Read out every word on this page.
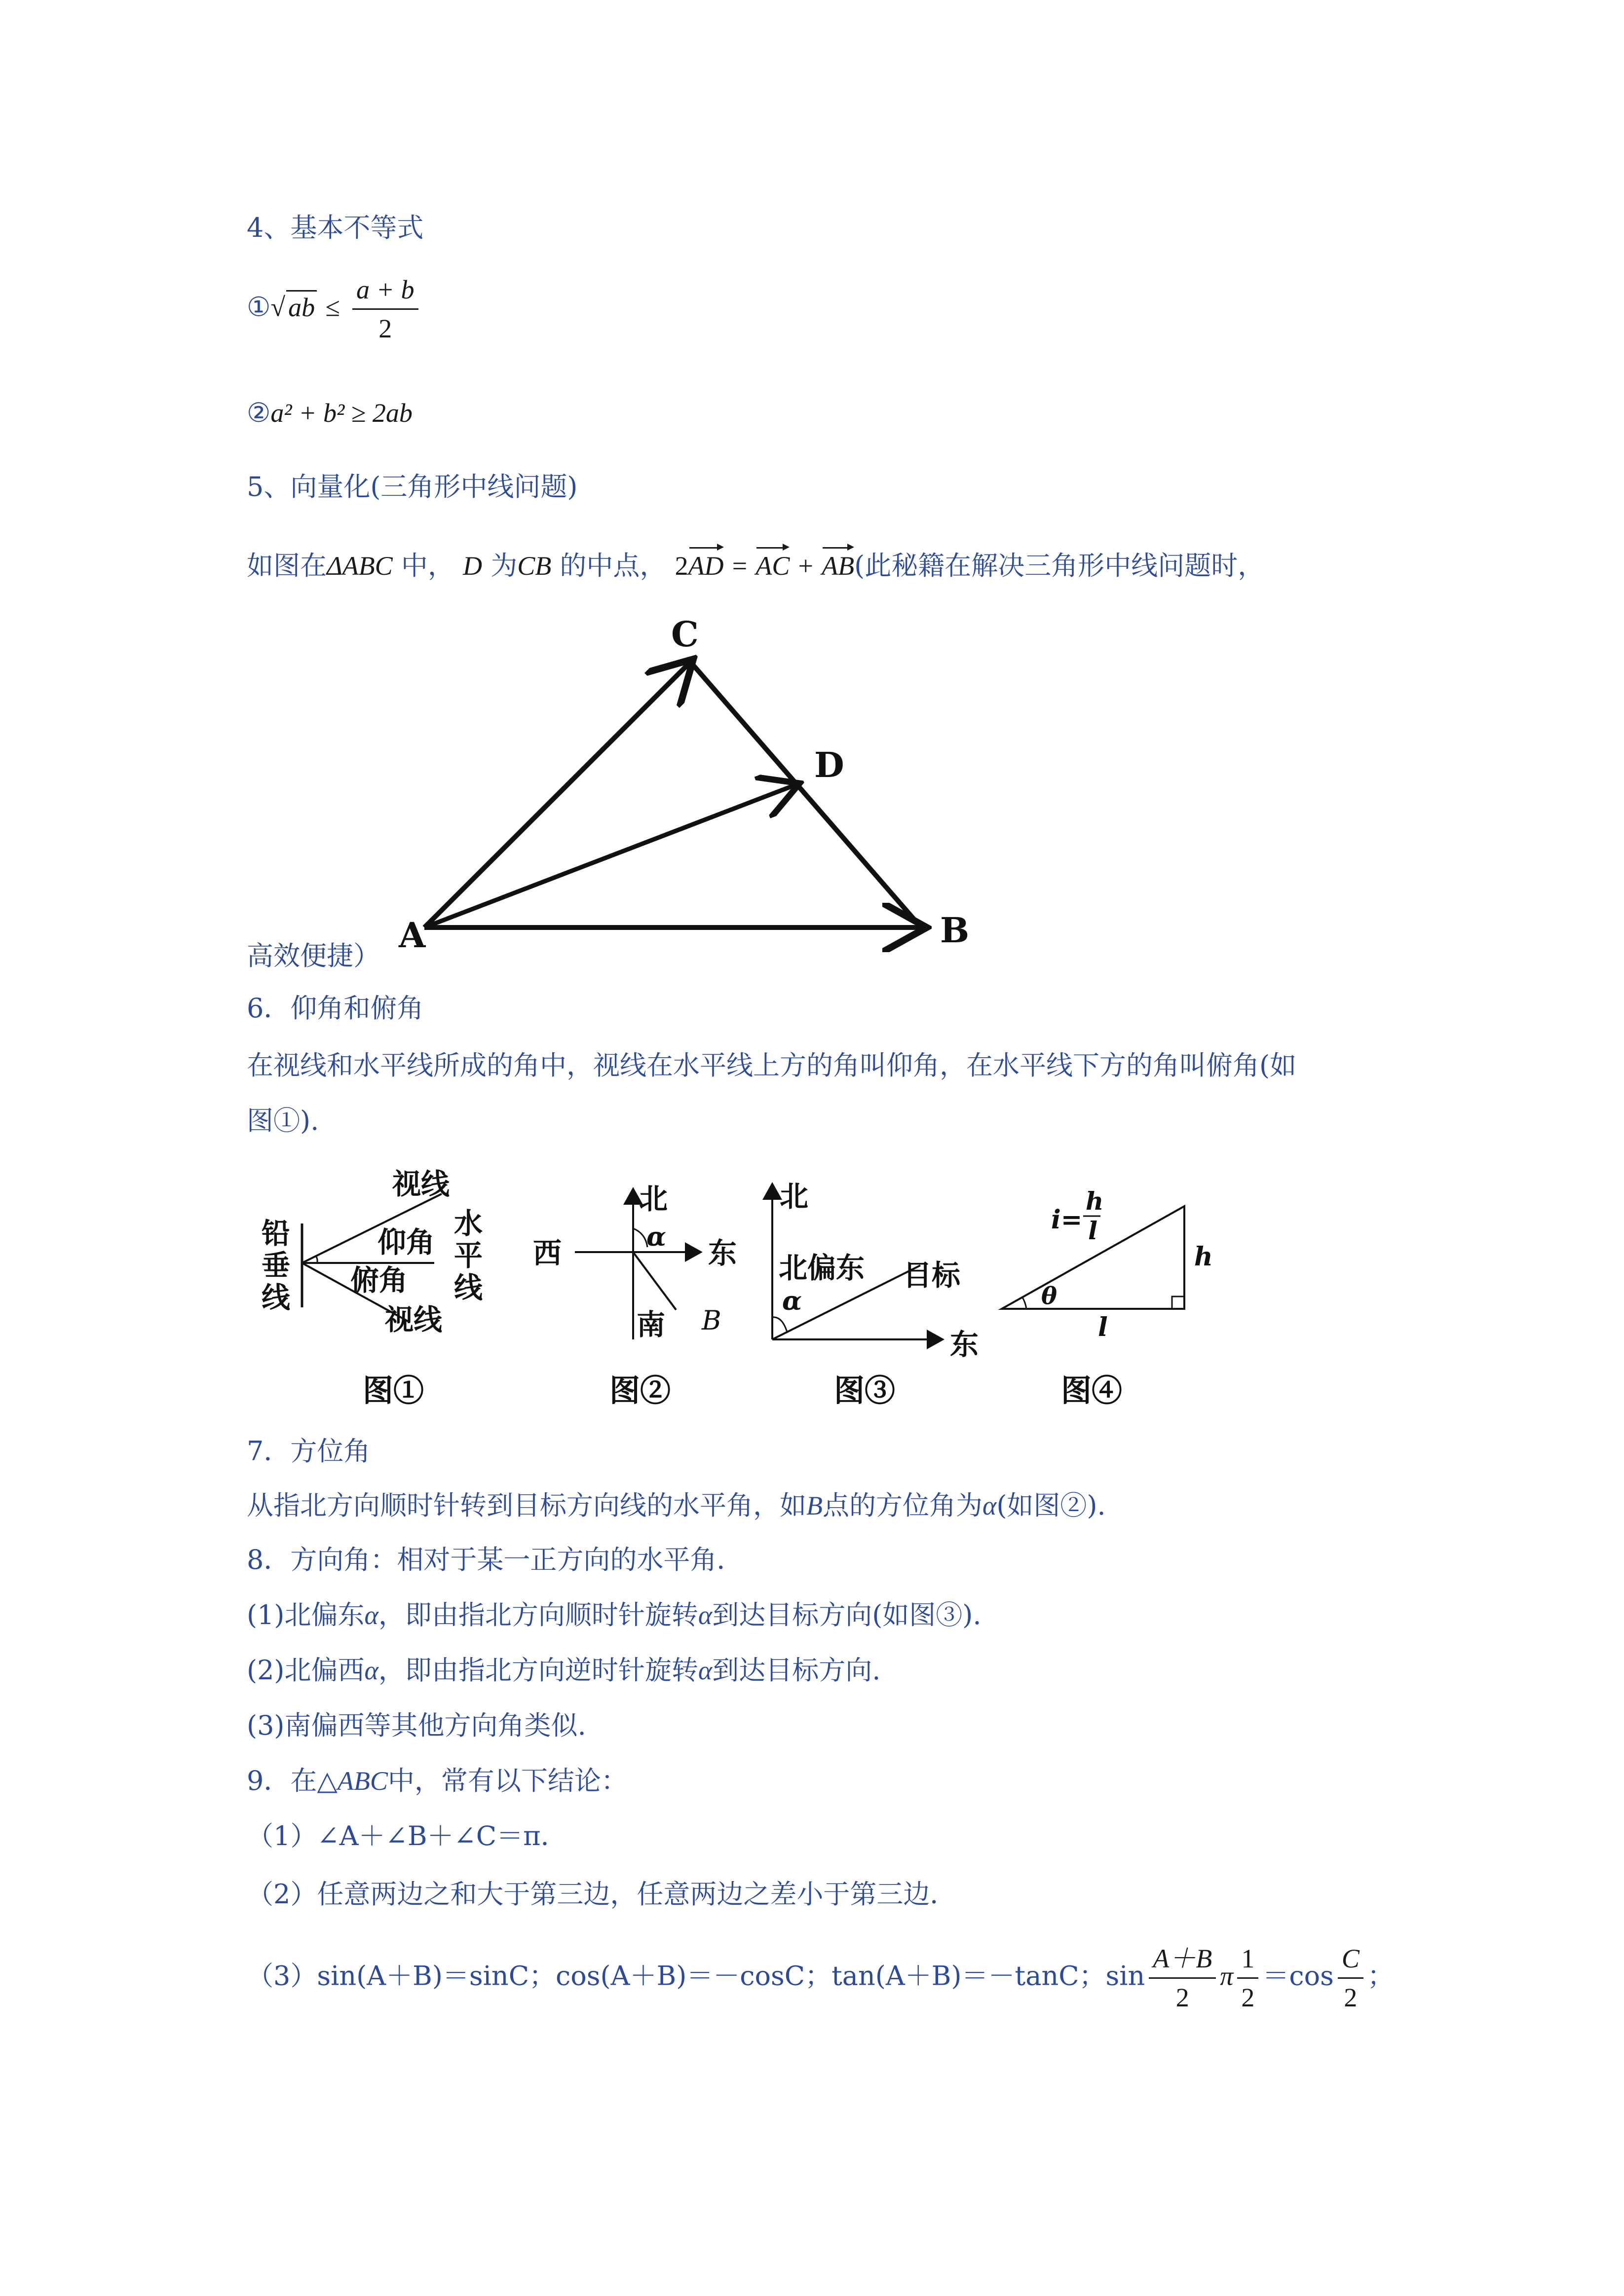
4、基本不等式
①√ ab ≤ $\frac{a + b}{2}$
②a² + b² ≥ 2ab
5、向量化(三角形中线问题)
如图在ΔABC 中， D 为CB 的中点， 2AD = AC + AB(此秘籍在解决三角形中线问题时，
C
D
A	B
高效便捷）
6．仰角和俯角
在视线和水平线所成的角中，视线在水平线上方的角叫仰角，在水平线下方的角叫俯角(如
图①).
视线
仰角
俯角
视线
铅
垂
线
水
平
线
图①
北
α
西	东
南 B
图②
北
北偏东 目标
α
东
图③
i=
h
l
h
θ
l
图④
7．方位角
从指北方向顺时针转到目标方向线的水平角，如B点的方位角为α(如图②).
8．方向角：相对于某一正方向的水平角．
(1)北偏东α，即由指北方向顺时针旋转α到达目标方向(如图③).
(2)北偏西α，即由指北方向逆时针旋转α到达目标方向.
(3)南偏西等其他方向角类似.
9．在△ABC中，常有以下结论：
（1）∠A＋∠B＋∠C＝π．
（2）任意两边之和大于第三边，任意两边之差小于第三边．
（3）sin(A＋B)＝sinC；cos(A＋B)＝－cosC；tan(A＋B)＝－tanC；$\sin \frac{A+B}{2}$ π $\frac{1}{2} =\cos \frac{C}{2}$ ；
